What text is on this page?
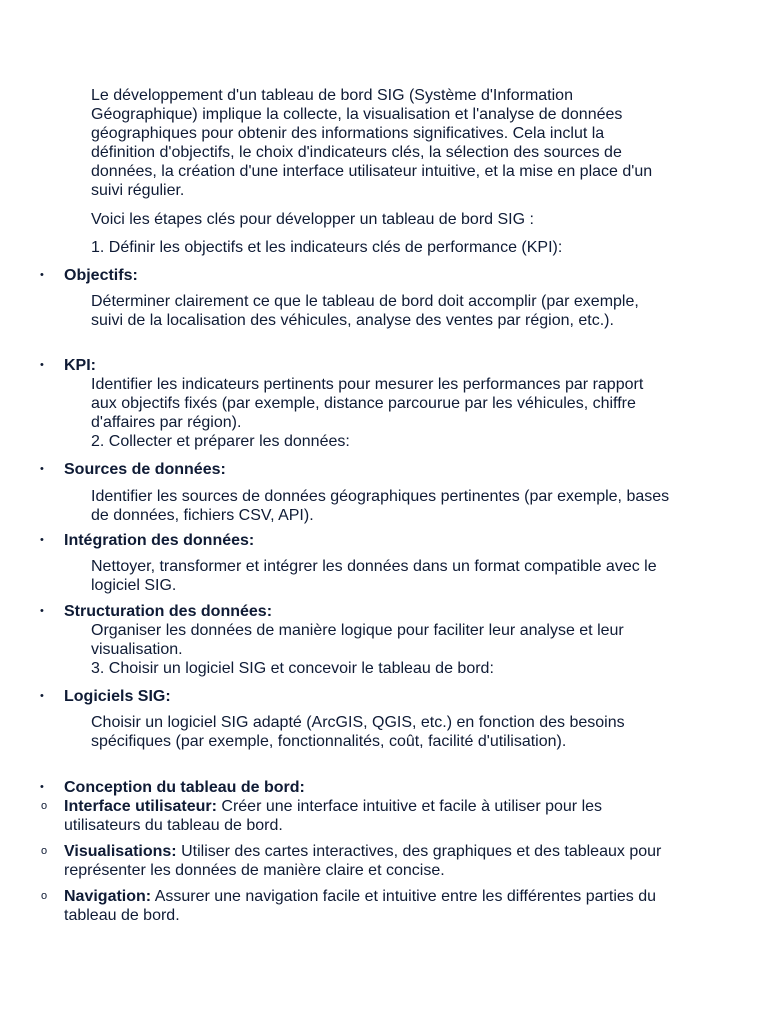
Le développement d'un tableau de bord SIG (Système d'Information Géographique) implique la collecte, la visualisation et l'analyse de données géographiques pour obtenir des informations significatives. Cela inclut la définition d'objectifs, le choix d'indicateurs clés, la sélection des sources de données, la création d'une interface utilisateur intuitive, et la mise en place d'un suivi régulier.

Voici les étapes clés pour développer un tableau de bord SIG :

1. Définir les objectifs et les indicateurs clés de performance (KPI):

• Objectifs:

Déterminer clairement ce que le tableau de bord doit accomplir (par exemple, suivi de la localisation des véhicules, analyse des ventes par région, etc.).

• KPI:

Identifier les indicateurs pertinents pour mesurer les performances par rapport aux objectifs fixés (par exemple, distance parcourue par les véhicules, chiffre d'affaires par région).

2. Collecter et préparer les données:

• Sources de données:

Identifier les sources de données géographiques pertinentes (par exemple, bases de données, fichiers CSV, API).

• Intégration des données:

Nettoyer, transformer et intégrer les données dans un format compatible avec le logiciel SIG.

• Structuration des données:

Organiser les données de manière logique pour faciliter leur analyse et leur visualisation.

3. Choisir un logiciel SIG et concevoir le tableau de bord:

• Logiciels SIG:

Choisir un logiciel SIG adapté (ArcGIS, QGIS, etc.) en fonction des besoins spécifiques (par exemple, fonctionnalités, coût, facilité d'utilisation).

• Conception du tableau de bord:
o Interface utilisateur: Créer une interface intuitive et facile à utiliser pour les utilisateurs du tableau de bord.
o Visualisations: Utiliser des cartes interactives, des graphiques et des tableaux pour représenter les données de manière claire et concise.
o Navigation: Assurer une navigation facile et intuitive entre les différentes parties du tableau de bord.
